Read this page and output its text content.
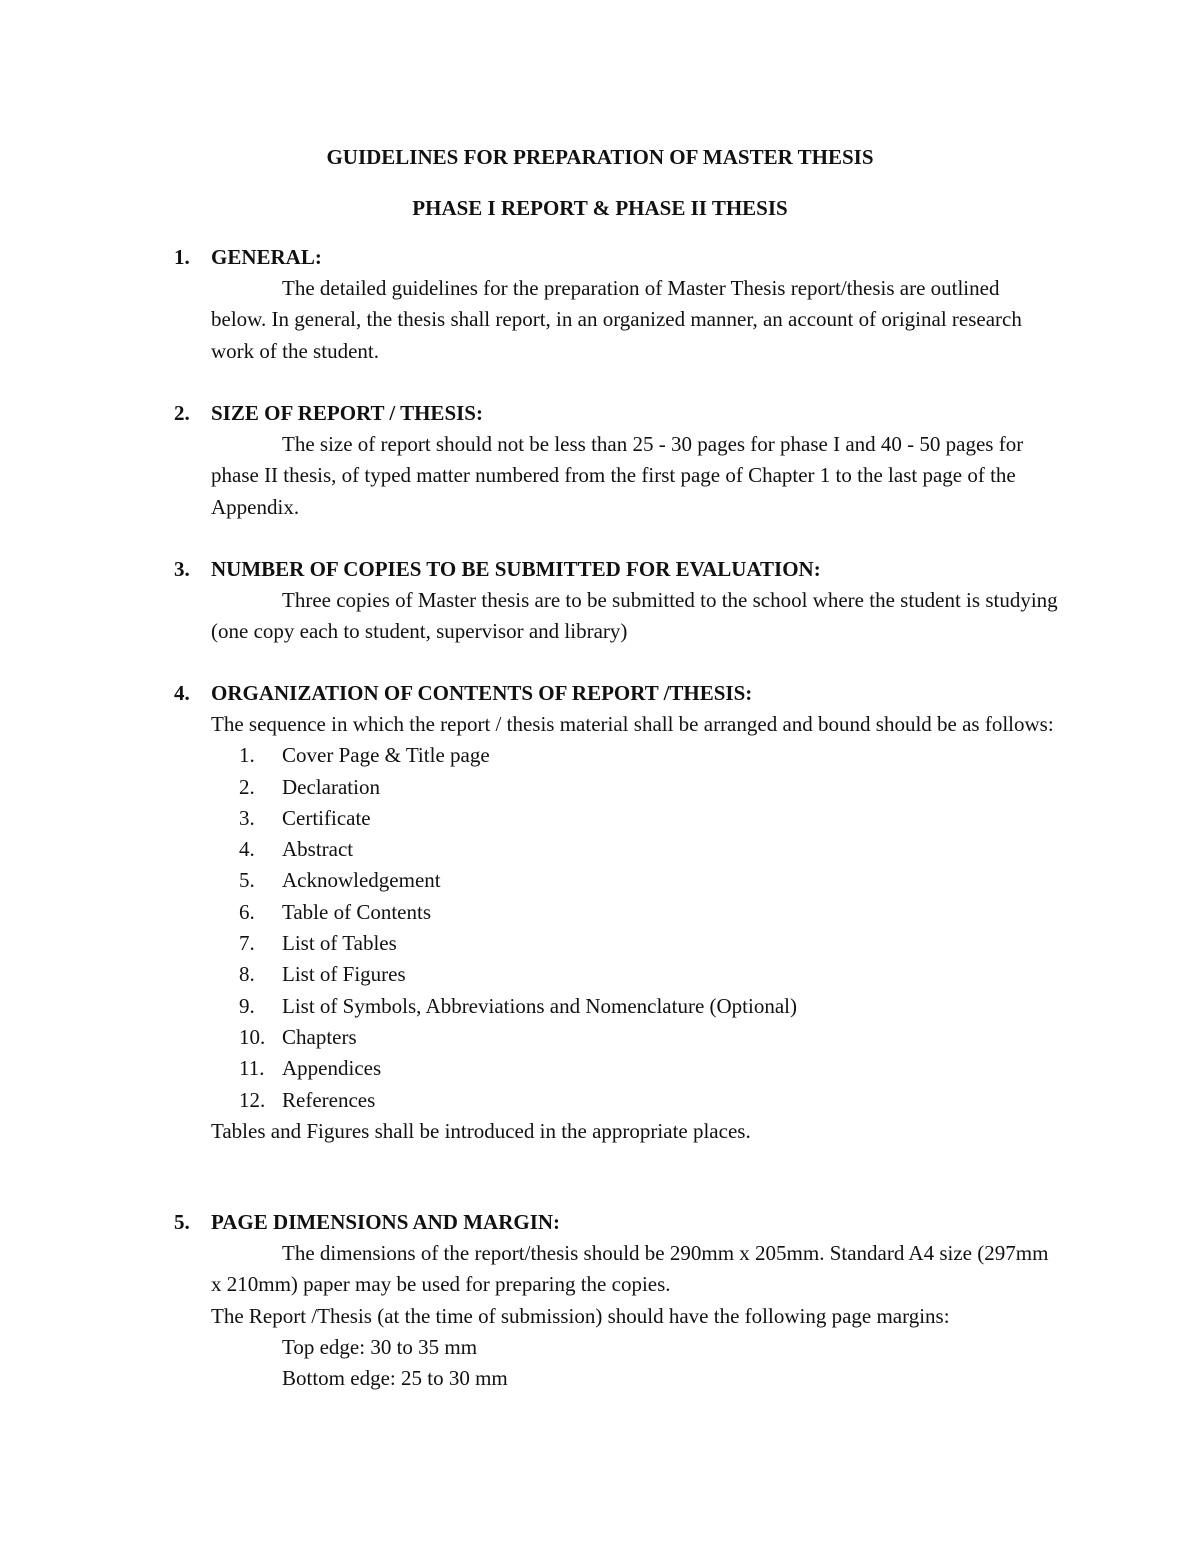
GUIDELINES FOR PREPARATION OF MASTER THESIS
PHASE I REPORT & PHASE II THESIS
1. GENERAL:

The detailed guidelines for the preparation of Master Thesis report/thesis are outlined below. In general, the thesis shall report, in an organized manner, an account of original research work of the student.

2. SIZE OF REPORT / THESIS:

The size of report should not be less than 25 - 30 pages for phase I and 40 - 50 pages for phase II thesis, of typed matter numbered from the first page of Chapter 1 to the last page of the Appendix.

3. NUMBER OF COPIES TO BE SUBMITTED FOR EVALUATION:

Three copies of Master thesis are to be submitted to the school where the student is studying (one copy each to student, supervisor and library)

4. ORGANIZATION OF CONTENTS OF REPORT /THESIS:

The sequence in which the report / thesis material shall be arranged and bound should be as follows:

1. Cover Page & Title page
2. Declaration
3. Certificate
4. Abstract
5. Acknowledgement
6. Table of Contents
7. List of Tables
8. List of Figures
9. List of Symbols, Abbreviations and Nomenclature (Optional)
10. Chapters
11. Appendices
12. References

Tables and Figures shall be introduced in the appropriate places.

5. PAGE DIMENSIONS AND MARGIN:

The dimensions of the report/thesis should be 290mm x 205mm. Standard A4 size (297mm x 210mm) paper may be used for preparing the copies.

The Report /Thesis (at the time of submission) should have the following page margins:

Top edge: 30 to 35 mm
Bottom edge: 25 to 30 mm
